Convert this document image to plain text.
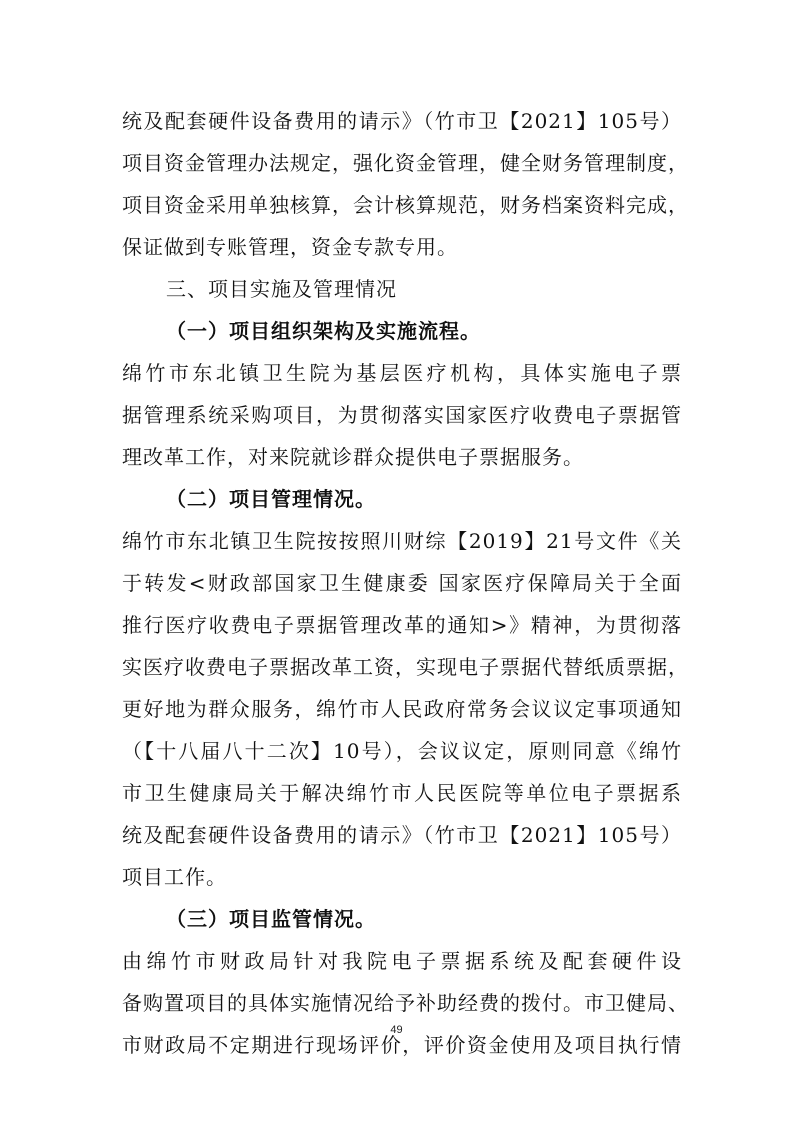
统及配套硬件设备费用的请示》（竹市卫【2021】105号）
项目资金管理办法规定，强化资金管理，健全财务管理制度，
项目资金采用单独核算，会计核算规范，财务档案资料完成，
保证做到专账管理，资金专款专用。
三、项目实施及管理情况
（一）项目组织架构及实施流程。
绵竹市东北镇卫生院为基层医疗机构，具体实施电子票
据管理系统采购项目，为贯彻落实国家医疗收费电子票据管
理改革工作，对来院就诊群众提供电子票据服务。
（二）项目管理情况。
绵竹市东北镇卫生院按按照川财综【2019】21号文件《关
于转发<财政部国家卫生健康委 国家医疗保障局关于全面
推行医疗收费电子票据管理改革的通知>》精神，为贯彻落
实医疗收费电子票据改革工资，实现电子票据代替纸质票据，
更好地为群众服务，绵竹市人民政府常务会议议定事项通知
（【十八届八十二次】10号），会议议定，原则同意《绵竹
市卫生健康局关于解决绵竹市人民医院等单位电子票据系
统及配套硬件设备费用的请示》（竹市卫【2021】105号）
项目工作。
（三）项目监管情况。
由绵竹市财政局针对我院电子票据系统及配套硬件设
备购置项目的具体实施情况给予补助经费的拨付。市卫健局、
市财政局不定期进行现场评价，评价资金使用及项目执行情
49
